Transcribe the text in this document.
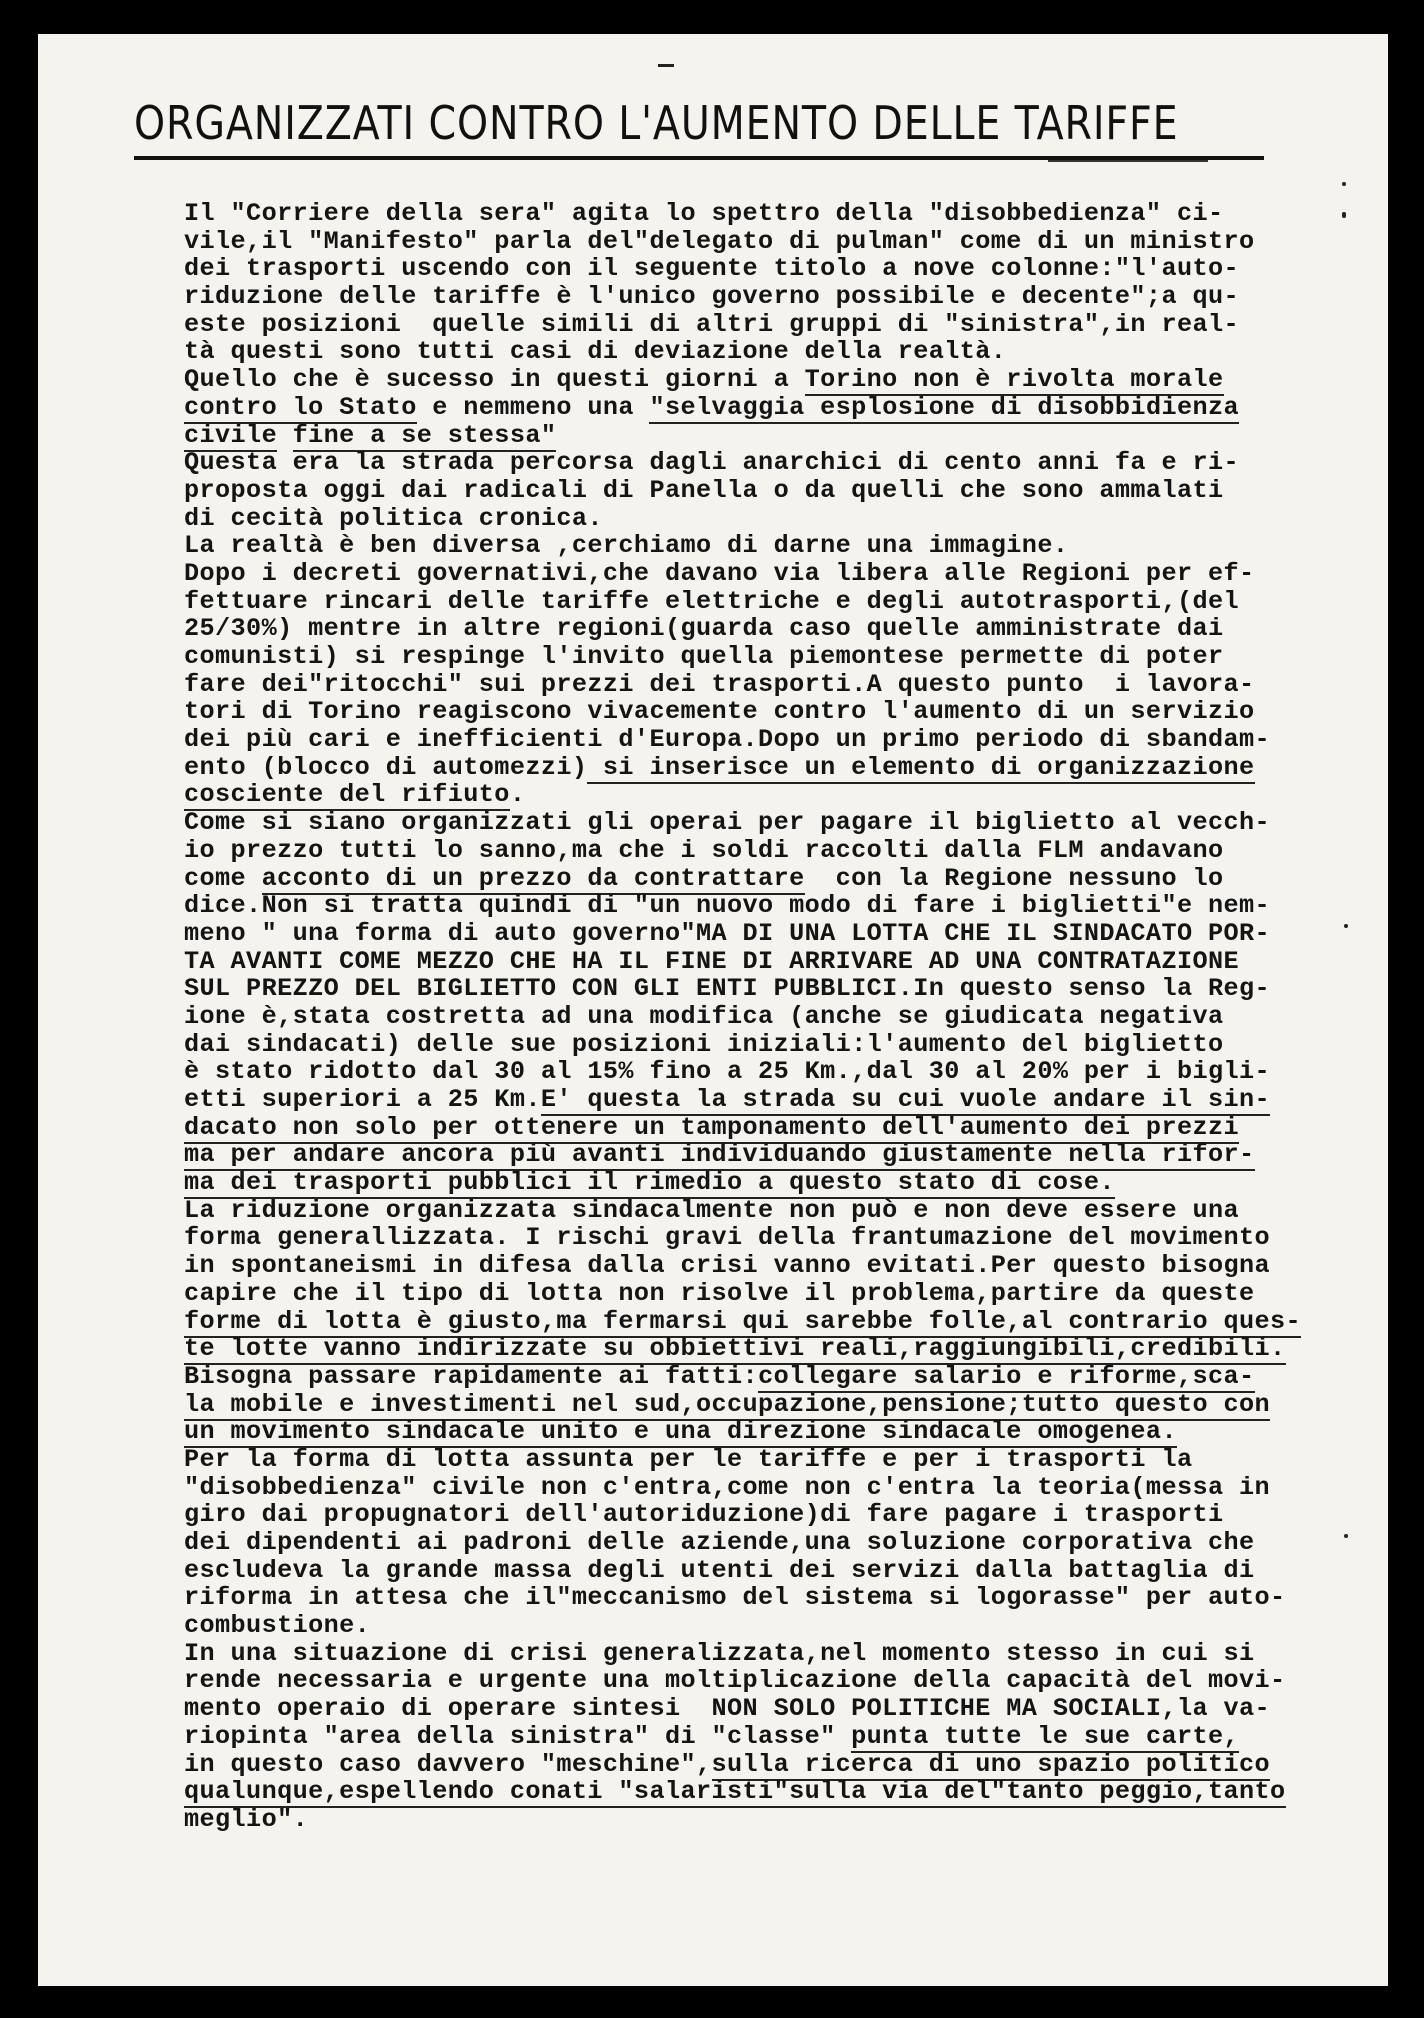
ORGANIZZATI CONTRO L'AUMENTO DELLE TARIFFE
Il "Corriere della sera" agita lo spettro della "disobbedienza" ci-
vile,il "Manifesto" parla del"delegato di pulman" come di un ministro
dei trasporti uscendo con il seguente titolo a nove colonne:"l'auto-
riduzione delle tariffe è l'unico governo possibile e decente";a qu-
este posizioni  quelle simili di altri gruppi di "sinistra",in real-
tà questi sono tutti casi di deviazione della realtà.
Quello che è sucesso in questi giorni a Torino non è rivolta morale
contro lo Stato e nemmeno una "selvaggia esplosione di disobbidienza
civile fine a se stessa"
Questa era la strada percorsa dagli anarchici di cento anni fa e ri-
proposta oggi dai radicali di Panella o da quelli che sono ammalati
di cecità politica cronica.
La realtà è ben diversa ,cerchiamo di darne una immagine.
Dopo i decreti governativi,che davano via libera alle Regioni per ef-
fettuare rincari delle tariffe elettriche e degli autotrasporti,(del
25/30%) mentre in altre regioni(guarda caso quelle amministrate dai
comunisti) si respinge l'invito quella piemontese permette di poter
fare dei"ritocchi" sui prezzi dei trasporti.A questo punto  i lavora-
tori di Torino reagiscono vivacemente contro l'aumento di un servizio
dei più cari e inefficienti d'Europa.Dopo un primo periodo di sbandam-
ento (blocco di automezzi) si inserisce un elemento di organizzazione
cosciente del rifiuto.
Come si siano organizzati gli operai per pagare il biglietto al vecch-
io prezzo tutti lo sanno,ma che i soldi raccolti dalla FLM andavano
come acconto di un prezzo da contrattare  con la Regione nessuno lo
dice.Non si tratta quindi di "un nuovo modo di fare i biglietti"e nem-
meno " una forma di auto governo"MA DI UNA LOTTA CHE IL SINDACATO POR-
TA AVANTI COME MEZZO CHE HA IL FINE DI ARRIVARE AD UNA CONTRATAZIONE
SUL PREZZO DEL BIGLIETTO CON GLI ENTI PUBBLICI.In questo senso la Reg-
ione è,stata costretta ad una modifica (anche se giudicata negativa
dai sindacati) delle sue posizioni iniziali:l'aumento del biglietto
è stato ridotto dal 30 al 15% fino a 25 Km.,dal 30 al 20% per i bigli-
etti superiori a 25 Km.E' questa la strada su cui vuole andare il sin-
dacato non solo per ottenere un tamponamento dell'aumento dei prezzi
ma per andare ancora più avanti individuando giustamente nella rifor-
ma dei trasporti pubblici il rimedio a questo stato di cose.
La riduzione organizzata sindacalmente non può e non deve essere una
forma generallizzata. I rischi gravi della frantumazione del movimento
in spontaneismi in difesa dalla crisi vanno evitati.Per questo bisogna
capire che il tipo di lotta non risolve il problema,partire da queste
forme di lotta è giusto,ma fermarsi qui sarebbe folle,al contrario ques-
te lotte vanno indirizzate su obbiettivi reali,raggiungibili,credibili.
Bisogna passare rapidamente ai fatti:collegare salario e riforme,sca-
la mobile e investimenti nel sud,occupazione,pensione;tutto questo con
un movimento sindacale unito e una direzione sindacale omogenea.
Per la forma di lotta assunta per le tariffe e per i trasporti la
"disobbedienza" civile non c'entra,come non c'entra la teoria(messa in
giro dai propugnatori dell'autoriduzione)di fare pagare i trasporti
dei dipendenti ai padroni delle aziende,una soluzione corporativa che
escludeva la grande massa degli utenti dei servizi dalla battaglia di
riforma in attesa che il"meccanismo del sistema si logorasse" per auto-
combustione.
In una situazione di crisi generalizzata,nel momento stesso in cui si
rende necessaria e urgente una moltiplicazione della capacità del movi-
mento operaio di operare sintesi  NON SOLO POLITICHE MA SOCIALI,la va-
riopinta "area della sinistra" di "classe" punta tutte le sue carte,
in questo caso davvero "meschine",sulla ricerca di uno spazio politico
qualunque,espellendo conati "salaristi"sulla via del"tanto peggio,tanto
meglio".
